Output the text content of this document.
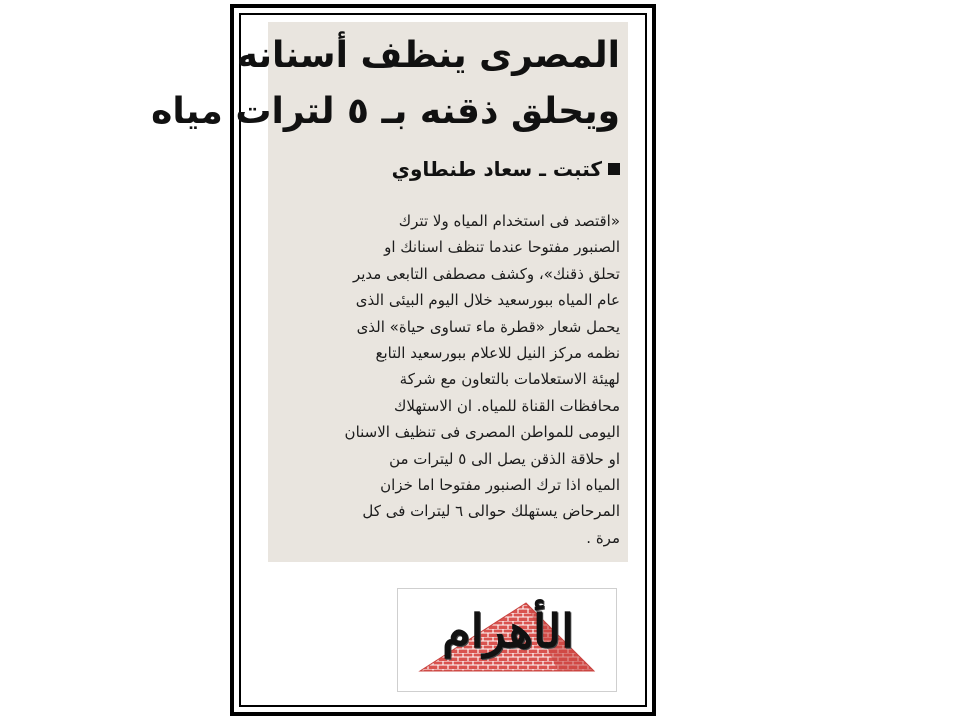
المصرى ينظف أسنانه
ويحلق ذقنه بـ ٥ لترات مياه
كتبت ـ سعاد طنطاوي
«اقتصد فى استخدام المياه ولا تترك
الصنبور مفتوحا عندما تنظف اسنانك او
تحلق ذقنك»، وكشف مصطفى التابعى مدير
عام المياه ببورسعيد خلال اليوم البيئى الذى
يحمل شعار «قطرة ماء تساوى حياة» الذى
نظمه مركز النيل للاعلام ببورسعيد التابع
لهيئة الاستعلامات بالتعاون مع شركة
محافظات القناة للمياه. ان الاستهلاك
اليومى للمواطن المصرى فى تنظيف الاسنان
او حلاقة الذقن يصل الى ٥ ليترات من
المياه اذا ترك الصنبور مفتوحا اما خزان
المرحاض يستهلك حوالى ٦ ليترات فى كل
مرة .
الأهرام
